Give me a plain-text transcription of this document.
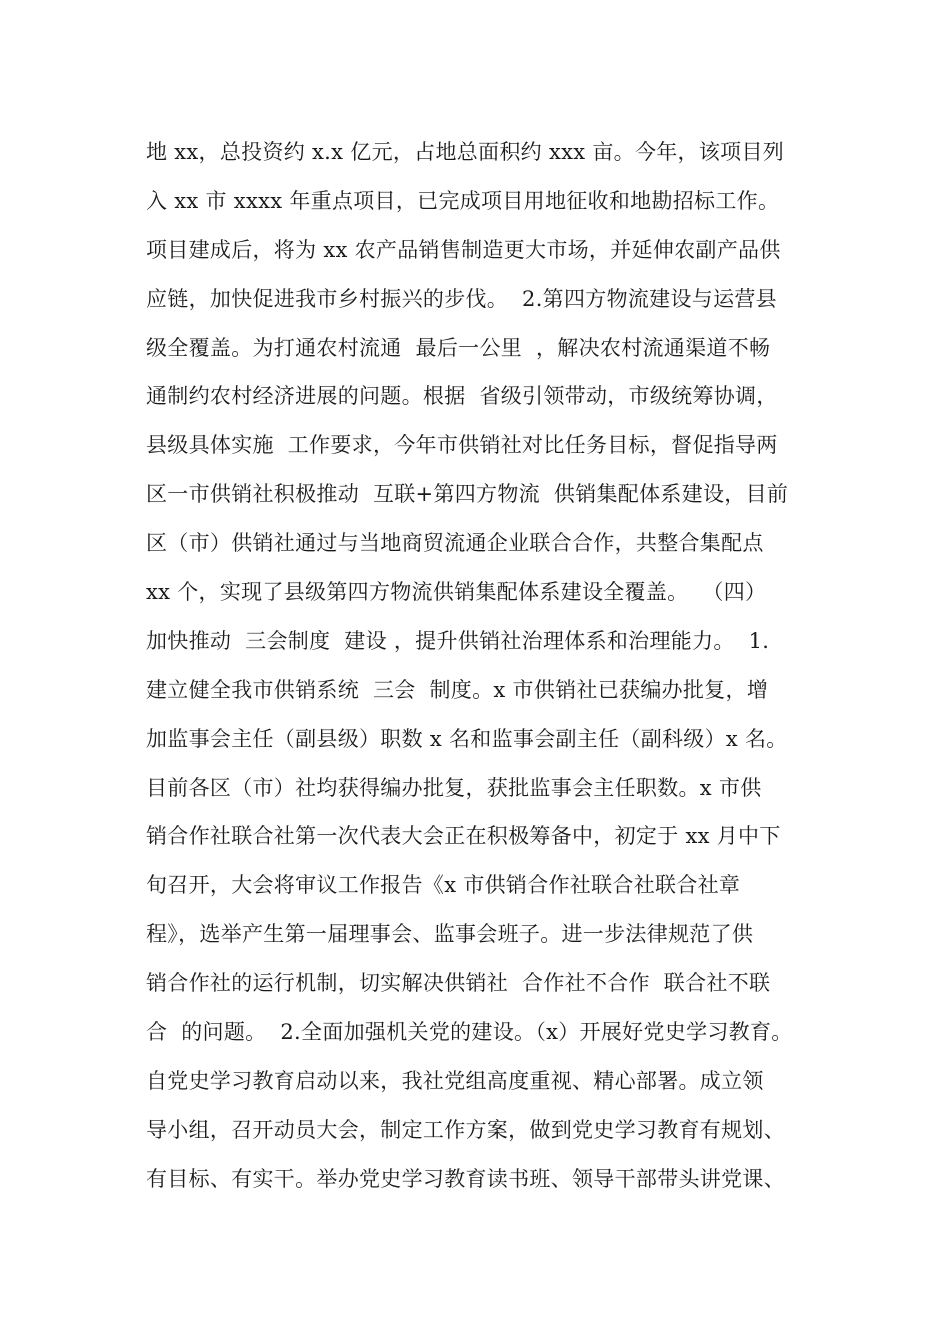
地 xx，总投资约 x.x 亿元，占地总面积约 xxx 亩。今年，该项目列
入 xx 市 xxxx 年重点项目，已完成项目用地征收和地勘招标工作。
项目建成后，将为 xx 农产品销售制造更大市场，并延伸农副产品供
应链，加快促进我市乡村振兴的步伐。  2.第四方物流建设与运营县
级全覆盖。为打通农村流通  最后一公里  ，解决农村流通渠道不畅
通制约农村经济进展的问题。根据  省级引领带动，市级统筹协调，
县级具体实施  工作要求，今年市供销社对比任务目标，督促指导两
区一市供销社积极推动  互联+第四方物流  供销集配体系建设，目前
区（市）供销社通过与当地商贸流通企业联合合作，共整合集配点
xx 个，实现了县级第四方物流供销集配体系建设全覆盖。  （四）
加快推动  三会制度  建设 ，提升供销社治理体系和治理能力。  1.
建立健全我市供销系统  三会  制度。x 市供销社已获编办批复，增
加监事会主任（副县级）职数 x 名和监事会副主任（副科级）x 名。
目前各区（市）社均获得编办批复，获批监事会主任职数。x 市供
销合作社联合社第一次代表大会正在积极筹备中，初定于 xx 月中下
旬召开，大会将审议工作报告《x 市供销合作社联合社联合社章
程》，选举产生第一届理事会、监事会班子。进一步法律规范了供
销合作社的运行机制，切实解决供销社  合作社不合作  联合社不联
合  的问题。  2.全面加强机关党的建设。（x）开展好党史学习教育。
自党史学习教育启动以来，我社党组高度重视、精心部署。成立领
导小组，召开动员大会，制定工作方案，做到党史学习教育有规划、
有目标、有实干。举办党史学习教育读书班、领导干部带头讲党课、
